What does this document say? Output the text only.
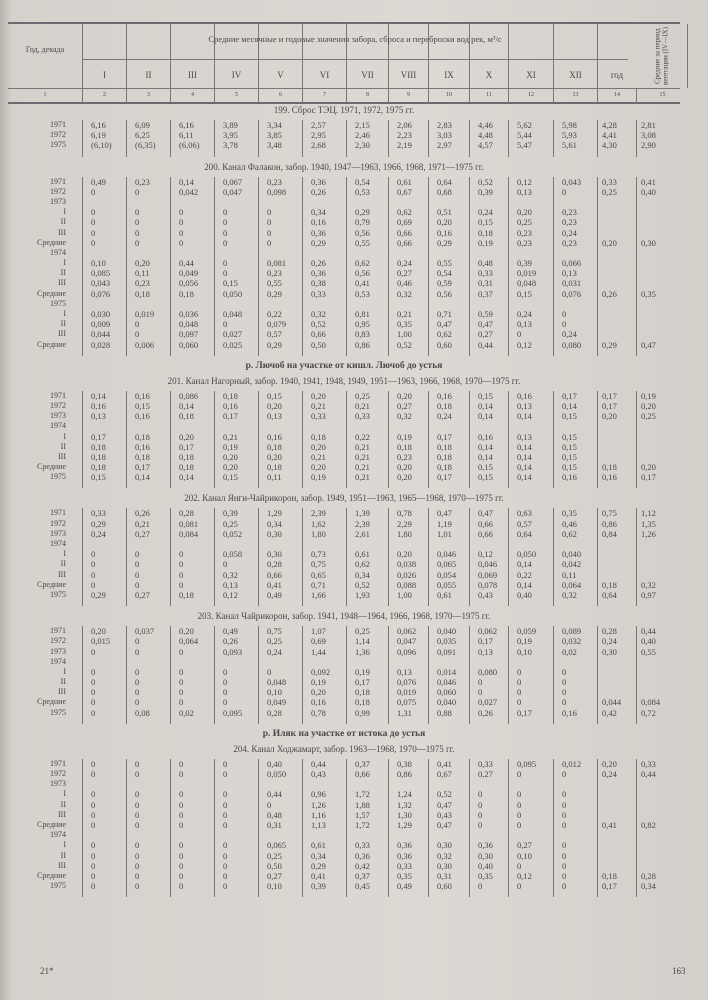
Средние месячные и годовые значения забора, сброса и переброски вод рек, м³/с
Год, декада
I	II	III	IV	V	VI	VII	VIII	IX	X	XI	XII	год	Средние за период вегетации (IV—IX)
1	2	3	4	5	6	7	8	9	10	11	12	13	14	15
199. Сброс ТЭЦ. 1971, 1972, 1975 гг.
1971	6,16	6,09	6,16	3,89	3,34	2,57	2,15	2,06	2,83	4,46	5,62	5,98	4,28	2,81
1972	6,19	6,25	6,11	3,95	3,85	2,95	2,46	2,23	3,03	4,48	5,44	5,93	4,41	3,08
1975	(6,10)	(6,35)	(6,06)	3,78	3,48	2,68	2,30	2,19	2,97	4,57	5,47	5,61	4,30	2,90
200. Канал Фалакон, забор. 1940, 1947—1963, 1966, 1968, 1971—1975 гг.
1971	0,49	0,23	0,14	0,067	0,23	0,36	0,54	0,61	0,64	0,52	0,12	0,043	0,33	0,41
1972	0	0	0,042	0,047	0,098	0,26	0,53	0,67	0,68	0,39	0,13	0	0,25	0,40
1973
I	0	0	0	0	0	0,34	0,29	0,62	0,51	0,24	0,20	0,23
II	0	0	0	0	0	0,16	0,79	0,69	0,20	0,15	0,25	0,23
III	0	0	0	0	0	0,36	0,56	0,66	0,16	0,18	0,23	0,24
Средние	0	0	0	0	0	0,29	0,55	0,66	0,29	0,19	0,23	0,23	0,20	0,30
1974
I	0,10	0,20	0,44	0	0,081	0,26	0,62	0,24	0,55	0,48	0,39	0,066
II	0,085	0,11	0,049	0	0,23	0,36	0,56	0,27	0,54	0,33	0,019	0,13
III	0,043	0,23	0,056	0,15	0,55	0,38	0,41	0,46	0,59	0,31	0,048	0,031
Средние	0,076	0,18	0,18	0,050	0,29	0,33	0,53	0,32	0,56	0,37	0,15	0,076	0,26	0,35
1975
I	0,030	0,019	0,036	0,048	0,22	0,32	0,81	0,21	0,71	0,59	0,24	0
II	0,009	0	0,048	0	0,079	0,52	0,95	0,35	0,47	0,47	0,13	0
III	0,044	0	0,097	0,027	0,57	0,66	0,83	1,00	0,62	0,27	0	0,24
Средние	0,028	0,006	0,060	0,025	0,29	0,50	0,86	0,52	0,60	0,44	0,12	0,080	0,29	0,47
р. Лючоб на участке от кишл. Лючоб до устья
201. Канал Нагорный, забор. 1940, 1941, 1948, 1949, 1951—1963, 1966, 1968, 1970—1975 гг.
1971	0,14	0,16	0,086	0,18	0,15	0,20	0,25	0,20	0,16	0,15	0,16	0,17	0,17	0,19
1972	0,16	0,15	0,14	0,16	0,20	0,21	0,21	0,27	0,18	0,14	0,13	0,14	0,17	0,20
1973	0,13	0,16	0,18	0,17	0,13	0,33	0,33	0,32	0,24	0,14	0,14	0,15	0,20	0,25
1974
I	0,17	0,18	0,20	0,21	0,16	0,18	0,22	0,19	0,17	0,16	0,13	0,15
II	0,18	0,16	0,17	0,19	0,18	0,20	0,21	0,18	0,18	0,14	0,14	0,15
III	0,18	0,18	0,18	0,20	0,20	0,21	0,21	0,23	0,18	0,14	0,14	0,15
Средние	0,18	0,17	0,18	0,20	0,18	0,20	0,21	0,20	0,18	0,15	0,14	0,15	0,18	0,20
1975	0,15	0,14	0,14	0,15	0,11	0,19	0,21	0,20	0,17	0,15	0,14	0,16	0,16	0,17
202. Канал Янги-Чайрикорон, забор. 1949, 1951—1963, 1965—1968, 1970—1975 гг.
1971	0,33	0,26	0,28	0,39	1,29	2,39	1,39	0,78	0,47	0,47	0,63	0,35	0,75	1,12
1972	0,29	0,21	0,081	0,25	0,34	1,62	2,39	2,29	1,19	0,66	0,57	0,46	0,86	1,35
1973	0,24	0,27	0,084	0,052	0,30	1,80	2,61	1,80	1,01	0,66	0,64	0,62	0,84	1,26
1974
I	0	0	0	0,058	0,30	0,73	0,61	0,20	0,046	0,12	0,050	0,040
II	0	0	0	0	0,28	0,75	0,62	0,038	0,065	0,046	0,14	0,042
III	0	0	0	0,32	0,66	0,65	0,34	0,026	0,054	0,069	0,22	0,11
Средние	0	0	0	0,13	0,41	0,71	0,52	0,088	0,055	0,078	0,14	0,064	0,18	0,32
1975	0,29	0,27	0,18	0,12	0,49	1,66	1,93	1,00	0,61	0,43	0,40	0,32	0,64	0,97
203. Канал Чайрикорон, забор. 1941, 1948—1964, 1966, 1968, 1970—1975 гг.
1971	0,20	0,037	0,20	0,49	0,75	1,07	0,25	0,062	0,040	0,062	0,059	0,089	0,28	0,44
1972	0,015	0	0,064	0,26	0,25	0,69	1,14	0,047	0,035	0,17	0,19	0,032	0,24	0,40
1973	0	0	0	0,093	0,24	1,44	1,36	0,096	0,091	0,13	0,10	0,02	0,30	0,55
1974
I	0	0	0	0	0	0,092	0,19	0,13	0,014	0,080	0	0
II	0	0	0	0	0,048	0,19	0,17	0,076	0,046	0	0	0
III	0	0	0	0	0,10	0,20	0,18	0,019	0,060	0	0	0
Средние	0	0	0	0	0,049	0,16	0,18	0,075	0,040	0,027	0	0	0,044	0,084
1975	0	0,08	0,02	0,095	0,28	0,78	0,99	1,31	0,88	0,26	0,17	0,16	0,42	0,72
р. Иляк на участке от истока до устья
204. Канал Ходжамарт, забор. 1963—1968, 1970—1975 гг.
1971	0	0	0	0	0,40	0,44	0,37	0,38	0,41	0,33	0,095	0,012	0,20	0,33
1972	0	0	0	0	0,050	0,43	0,66	0,86	0,67	0,27	0	0	0,24	0,44
1973
I	0	0	0	0	0,44	0,96	1,72	1,24	0,52	0	0	0
II	0	0	0	0	0	1,26	1,88	1,32	0,47	0	0	0
III	0	0	0	0	0,48	1,16	1,57	1,30	0,43	0	0	0
Средние	0	0	0	0	0,31	1,13	1,72	1,29	0,47	0	0	0	0,41	0,82
1974
I	0	0	0	0	0,065	0,61	0,33	0,36	0,30	0,36	0,27	0
II	0	0	0	0	0,25	0,34	0,36	0,36	0,32	0,30	0,10	0
III	0	0	0	0	0,50	0,29	0,42	0,33	0,30	0,40	0	0
Средние	0	0	0	0	0,27	0,41	0,37	0,35	0,31	0,35	0,12	0	0,18	0,28
1975	0	0	0	0	0,10	0,39	0,45	0,49	0,60	0	0	0	0,17	0,34
21*	163
